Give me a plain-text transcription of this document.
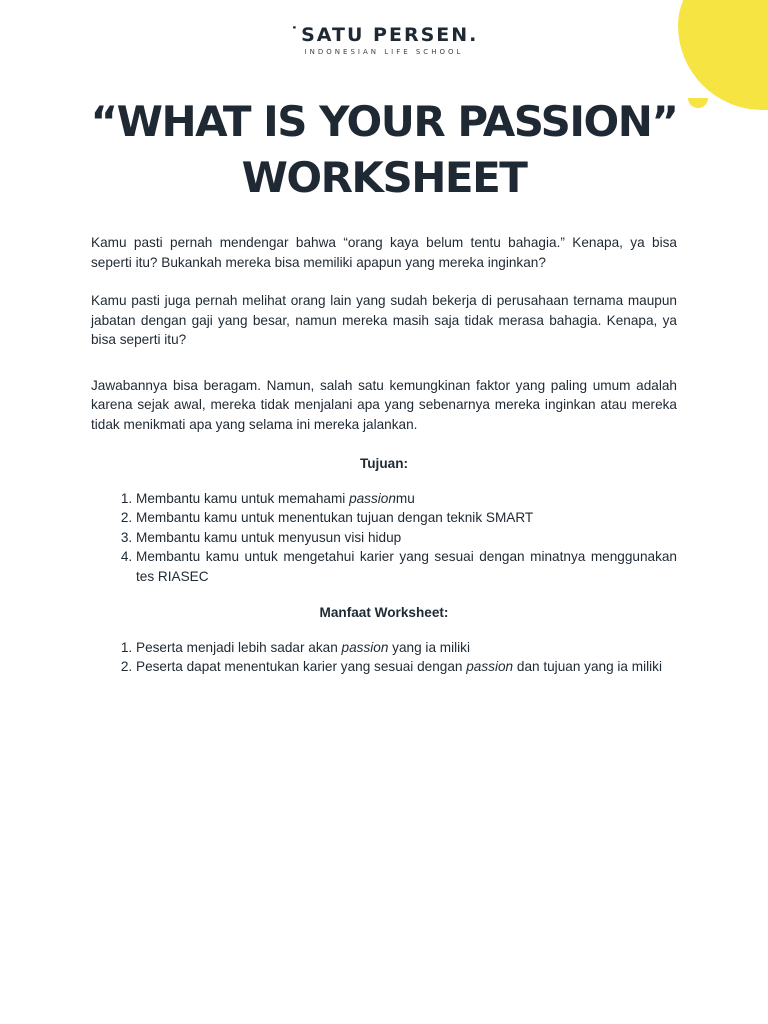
˙SATU PERSEN.
INDONESIAN LIFE SCHOOL
“WHAT IS YOUR PASSION”
WORKSHEET

Kamu pasti pernah mendengar bahwa “orang kaya belum tentu bahagia.” Kenapa, ya bisa seperti itu? Bukankah mereka bisa memiliki apapun yang mereka inginkan?

Kamu pasti juga pernah melihat orang lain yang sudah bekerja di perusahaan ternama maupun jabatan dengan gaji yang besar, namun mereka masih saja tidak merasa bahagia. Kenapa, ya bisa seperti itu?

Jawabannya bisa beragam. Namun, salah satu kemungkinan faktor yang paling umum adalah karena sejak awal, mereka tidak menjalani apa yang sebenarnya mereka inginkan atau mereka tidak menikmati apa yang selama ini mereka jalankan.

Tujuan:

1. Membantu kamu untuk memahami passionmu
2. Membantu kamu untuk menentukan tujuan dengan teknik SMART
3. Membantu kamu untuk menyusun visi hidup
4. Membantu kamu untuk mengetahui karier yang sesuai dengan minatnya menggunakan tes RIASEC

Manfaat Worksheet:

1. Peserta menjadi lebih sadar akan passion yang ia miliki
2. Peserta dapat menentukan karier yang sesuai dengan passion dan tujuan yang ia miliki
